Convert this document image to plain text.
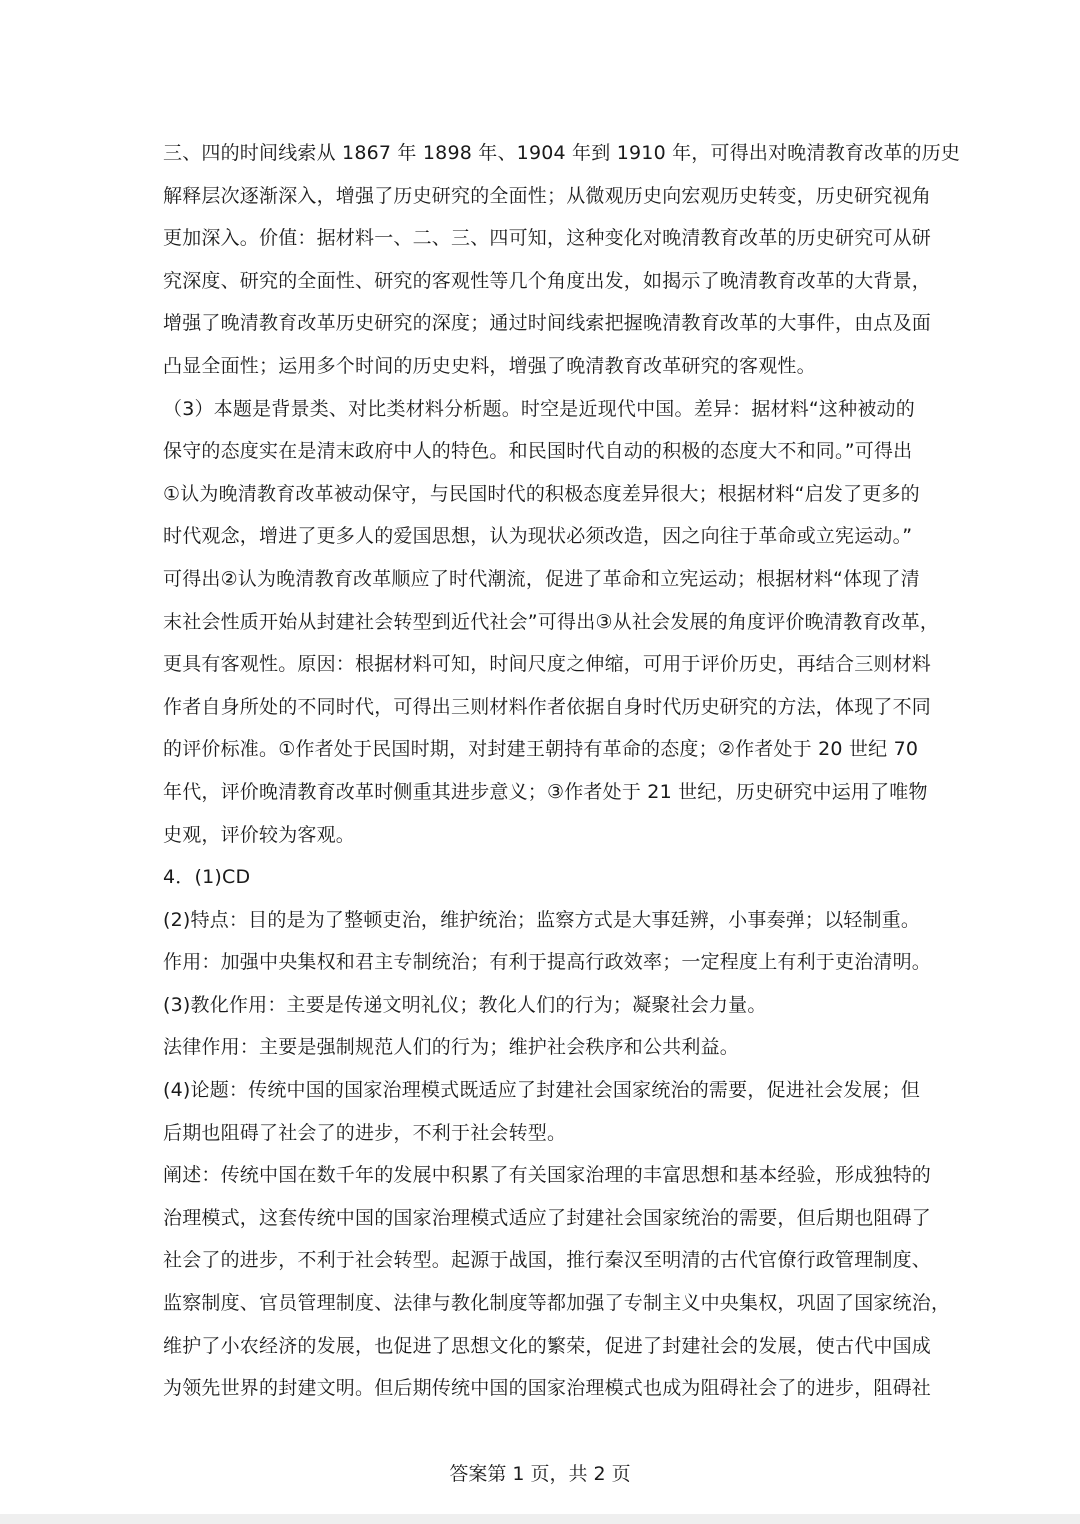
三、四的时间线索从 1867 年 1898 年、1904 年到 1910 年，可得出对晚清教育改革的历史
解释层次逐渐深入，增强了历史研究的全面性；从微观历史向宏观历史转变，历史研究视角
更加深入。价值：据材料一、二、三、四可知，这种变化对晚清教育改革的历史研究可从研
究深度、研究的全面性、研究的客观性等几个角度出发，如揭示了晚清教育改革的大背景，
增强了晚清教育改革历史研究的深度；通过时间线索把握晚清教育改革的大事件，由点及面
凸显全面性；运用多个时间的历史史料，增强了晚清教育改革研究的客观性。
（3）本题是背景类、对比类材料分析题。时空是近现代中国。差异：据材料“这种被动的
保守的态度实在是清末政府中人的特色。和民国时代自动的积极的态度大不和同。”可得出
①认为晚清教育改革被动保守，与民国时代的积极态度差异很大；根据材料“启发了更多的
时代观念，增进了更多人的爱国思想，认为现状必须改造，因之向往于革命或立宪运动。”
可得出②认为晚清教育改革顺应了时代潮流，促进了革命和立宪运动；根据材料“体现了清
末社会性质开始从封建社会转型到近代社会”可得出③从社会发展的角度评价晚清教育改革，
更具有客观性。原因：根据材料可知，时间尺度之伸缩，可用于评价历史，再结合三则材料
作者自身所处的不同时代，可得出三则材料作者依据自身时代历史研究的方法，体现了不同
的评价标准。①作者处于民国时期，对封建王朝持有革命的态度；②作者处于 20 世纪 70
年代，评价晚清教育改革时侧重其进步意义；③作者处于 21 世纪，历史研究中运用了唯物
史观，评价较为客观。
4．(1)CD
(2)特点：目的是为了整顿吏治，维护统治；监察方式是大事廷辨，小事奏弹；以轻制重。
作用：加强中央集权和君主专制统治；有利于提高行政效率；一定程度上有利于吏治清明。
(3)教化作用：主要是传递文明礼仪；教化人们的行为；凝聚社会力量。
法律作用：主要是强制规范人们的行为；维护社会秩序和公共利益。
(4)论题：传统中国的国家治理模式既适应了封建社会国家统治的需要，促进社会发展；但
后期也阻碍了社会了的进步，不利于社会转型。
阐述：传统中国在数千年的发展中积累了有关国家治理的丰富思想和基本经验，形成独特的
治理模式，这套传统中国的国家治理模式适应了封建社会国家统治的需要，但后期也阻碍了
社会了的进步，不利于社会转型。起源于战国，推行秦汉至明清的古代官僚行政管理制度、
监察制度、官员管理制度、法律与教化制度等都加强了专制主义中央集权，巩固了国家统治，
维护了小农经济的发展，也促进了思想文化的繁荣，促进了封建社会的发展，使古代中国成
为领先世界的封建文明。但后期传统中国的国家治理模式也成为阻碍社会了的进步，阻碍社
答案第 1 页，共 2 页
